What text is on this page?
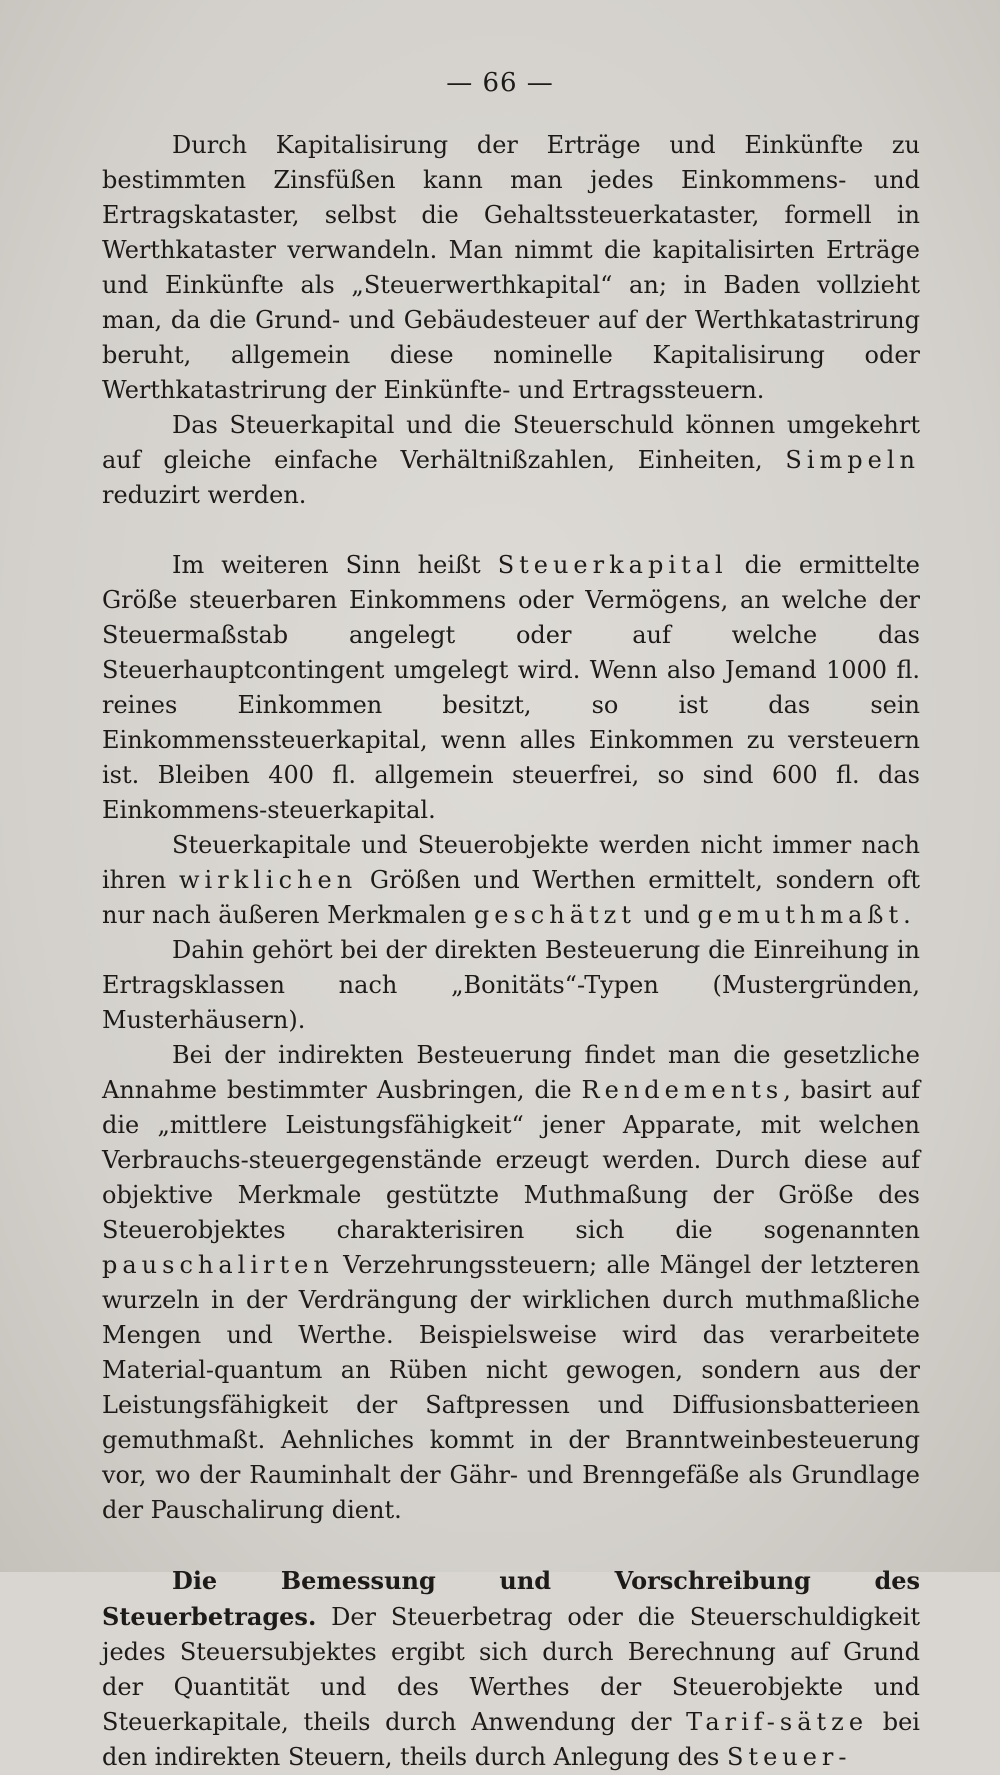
— 66 —

Durch Kapitalisirung der Erträge und Einkünfte zu bestimmten Zinsfüßen kann man jedes Einkommens- und Ertragskataster, selbst die Gehaltssteuerkataster, formell in Werthkataster verwandeln. Man nimmt die kapitalisirten Erträge und Einkünfte als „Steuerwerthkapital“ an; in Baden vollzieht man, da die Grund- und Gebäudesteuer auf der Werthkatastrirung beruht, allgemein diese nominelle Kapitalisirung oder Werthkatastrirung der Einkünfte- und Ertragssteuern.

Das Steuerkapital und die Steuerschuld können umgekehrt auf gleiche einfache Verhältnißzahlen, Einheiten, Simpeln reduzirt werden.

Im weiteren Sinn heißt Steuerkapital die ermittelte Größe steuerbaren Einkommens oder Vermögens, an welche der Steuermaßstab angelegt oder auf welche das Steuerhauptcontingent umgelegt wird. Wenn also Jemand 1000 fl. reines Einkommen besitzt, so ist das sein Einkommenssteuerkapital, wenn alles Einkommen zu versteuern ist. Bleiben 400 fl. allgemein steuerfrei, so sind 600 fl. das Einkommens-steuerkapital.

Steuerkapitale und Steuerobjekte werden nicht immer nach ihren wirklichen Größen und Werthen ermittelt, sondern oft nur nach äußeren Merkmalen geschätzt und gemuthmaßt.

Dahin gehört bei der direkten Besteuerung die Einreihung in Ertragsklassen nach „Bonitäts“-Typen (Mustergründen, Musterhäusern).

Bei der indirekten Besteuerung findet man die gesetzliche Annahme bestimmter Ausbringen, die Rendements, basirt auf die „mittlere Leistungsfähigkeit“ jener Apparate, mit welchen Verbrauchs-steuergegenstände erzeugt werden. Durch diese auf objektive Merkmale gestützte Muthmaßung der Größe des Steuerobjektes charakterisiren sich die sogenannten pauschalirten Verzehrungssteuern; alle Mängel der letzteren wurzeln in der Verdrängung der wirklichen durch muthmaßliche Mengen und Werthe. Beispielsweise wird das verarbeitete Material-quantum an Rüben nicht gewogen, sondern aus der Leistungsfähigkeit der Saftpressen und Diffusionsbatterieen gemuthmaßt. Aehnliches kommt in der Branntweinbesteuerung vor, wo der Rauminhalt der Gähr- und Brenngefäße als Grundlage der Pauschalirung dient.

Die Bemessung und Vorschreibung des Steuerbetrages. Der Steuerbetrag oder die Steuerschuldigkeit jedes Steuersubjektes ergibt sich durch Berechnung auf Grund der Quantität und des Werthes der Steuerobjekte und Steuerkapitale, theils durch Anwendung der Tarif-sätze bei den indirekten Steuern, theils durch Anlegung des Steuer-
